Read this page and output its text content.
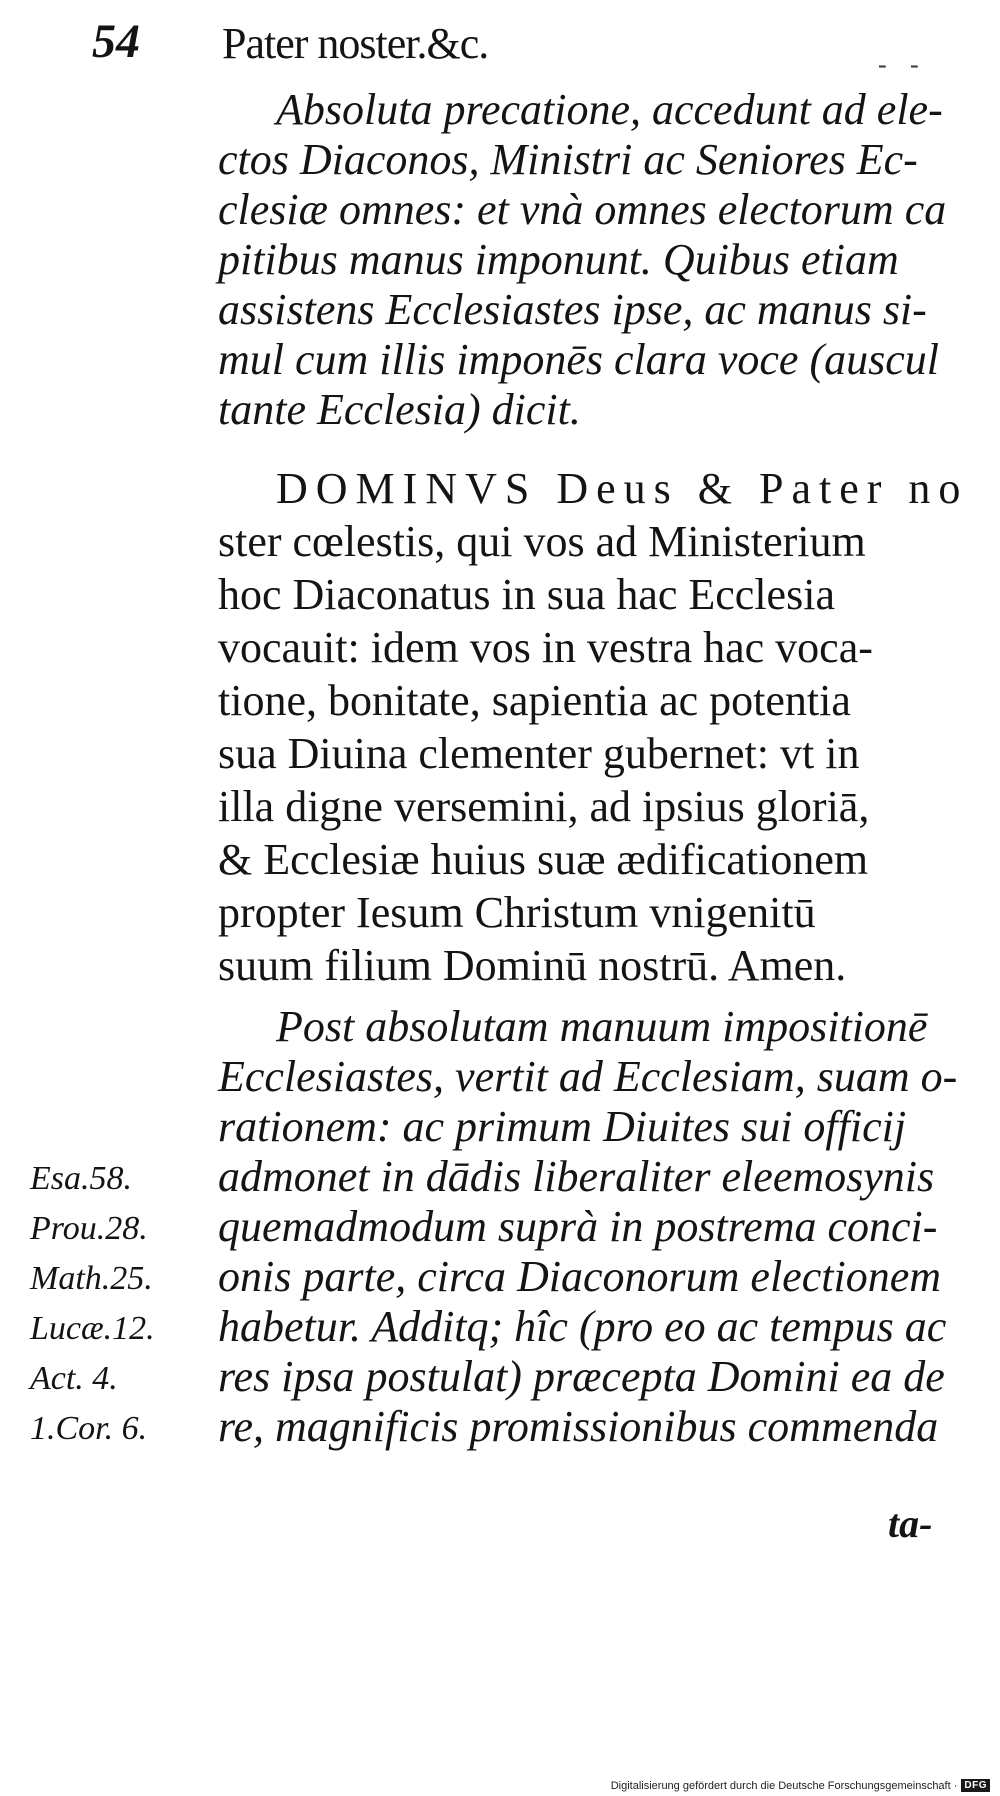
54 Pater noster.&c.	- -
Absoluta precatione, accedunt ad ele-
ctos Diaconos, Ministri ac Seniores Ec-
clesiæ omnes: et vnà omnes electorum ca
pitibus manus imponunt. Quibus etiam
assistens Ecclesiastes ipse, ac manus si-
mul cum illis imponēs clara voce (auscul
tante Ecclesia) dicit.
DOMINVS Deus & Pater no
ster cœlestis, qui vos ad Ministerium
hoc Diaconatus in sua hac Ecclesia
vocauit: idem vos in vestra hac voca-
tione, bonitate, sapientia ac potentia
sua Diuina clementer gubernet: vt in
illa digne versemini, ad ipsius gloriā,
& Ecclesiæ huius suæ ædificationem
propter Iesum Christum vnigenitū
suum filium Dominū nostrū. Amen.
Post absolutam manuum impositionē
Ecclesiastes, vertit ad Ecclesiam, suam o-
rationem: ac primum Diuites sui officij
admonet in dādis liberaliter eleemosynis
quemadmodum suprà in postrema conci-
onis parte, circa Diaconorum electionem
habetur. Additq; hîc (pro eo ac tempus ac
res ipsa postulat) præcepta Domini ea de
re, magnificis promissionibus commenda
Esa.58.
Prou.28.
Math.25.
Lucæ.12.
Act. 4.
1.Cor. 6.
ta-
Digitalisierung gefördert durch die Deutsche Forschungsgemeinschaft · DFG
